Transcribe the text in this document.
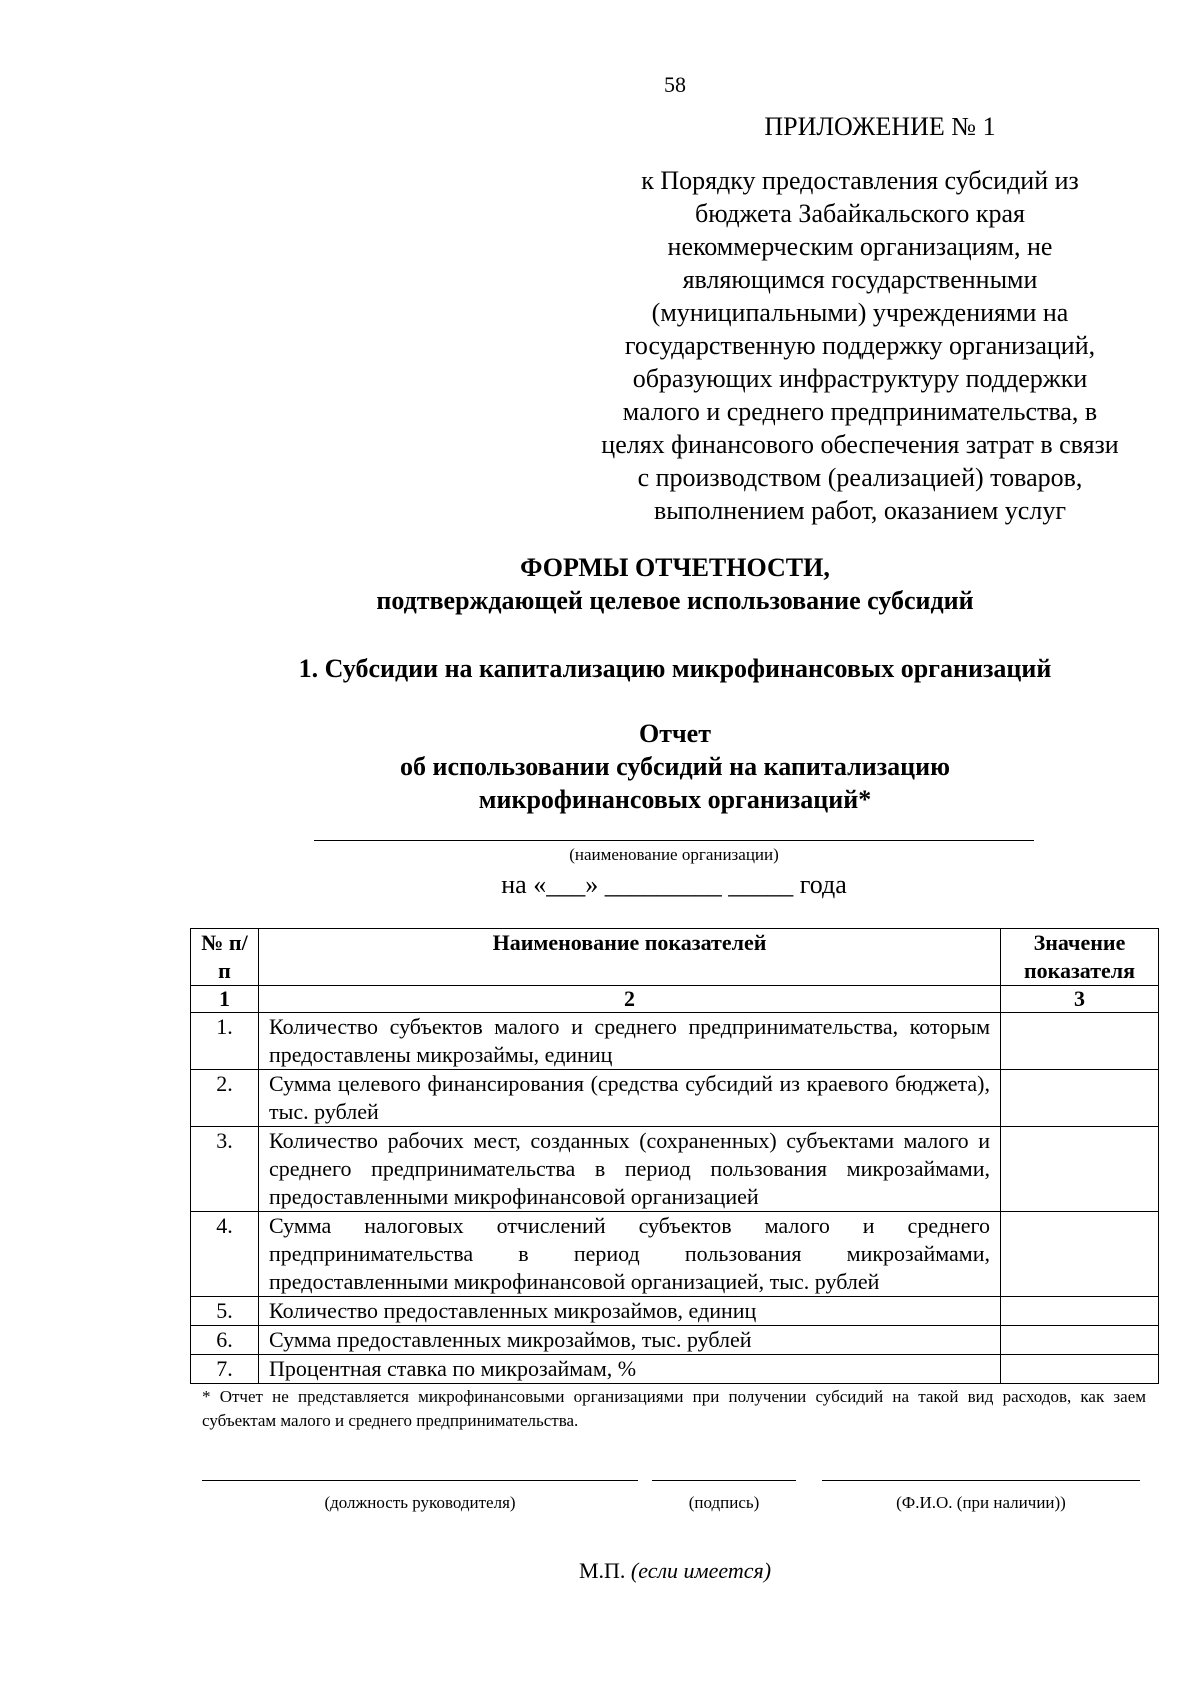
58
ПРИЛОЖЕНИЕ № 1
к Порядку предоставления субсидий из
бюджета Забайкальского края
некоммерческим организациям, не
являющимся государственными
(муниципальными) учреждениями на
государственную поддержку организаций,
образующих инфраструктуру поддержки
малого и среднего предпринимательства, в
целях финансового обеспечения затрат в связи
с производством (реализацией) товаров,
выполнением работ, оказанием услуг
ФОРМЫ ОТЧЕТНОСТИ,
подтверждающей целевое использование субсидий
1. Субсидии на капитализацию микрофинансовых организаций
Отчет
об использовании субсидий на капитализацию
микрофинансовых организаций*
(наименование организации)
на «___» _________ _____ года
№ п/п	Наименование показателей	Значение показателя
1	2	3
1.	Количество субъектов малого и среднего предпринимательства, которым предоставлены микрозаймы, единиц	
2.	Сумма целевого финансирования (средства субсидий из краевого бюджета), тыс. рублей	
3.	Количество рабочих мест, созданных (сохраненных) субъектами малого и среднего предпринимательства в период пользования микрозаймами, предоставленными микрофинансовой организацией	
4.	Сумма налоговых отчислений субъектов малого и среднего предпринимательства в период пользования микрозаймами, предоставленными микрофинансовой организацией, тыс. рублей	
5.	Количество предоставленных микрозаймов, единиц	
6.	Сумма предоставленных микрозаймов, тыс. рублей	
7.	Процентная ставка по микрозаймам, %	
* Отчет не представляется микрофинансовыми организациями при получении субсидий на такой вид расходов, как заем субъектам малого и среднего предпринимательства.
(должность руководителя)	(подпись)	(Ф.И.О. (при наличии))
М.П. (если имеется)
